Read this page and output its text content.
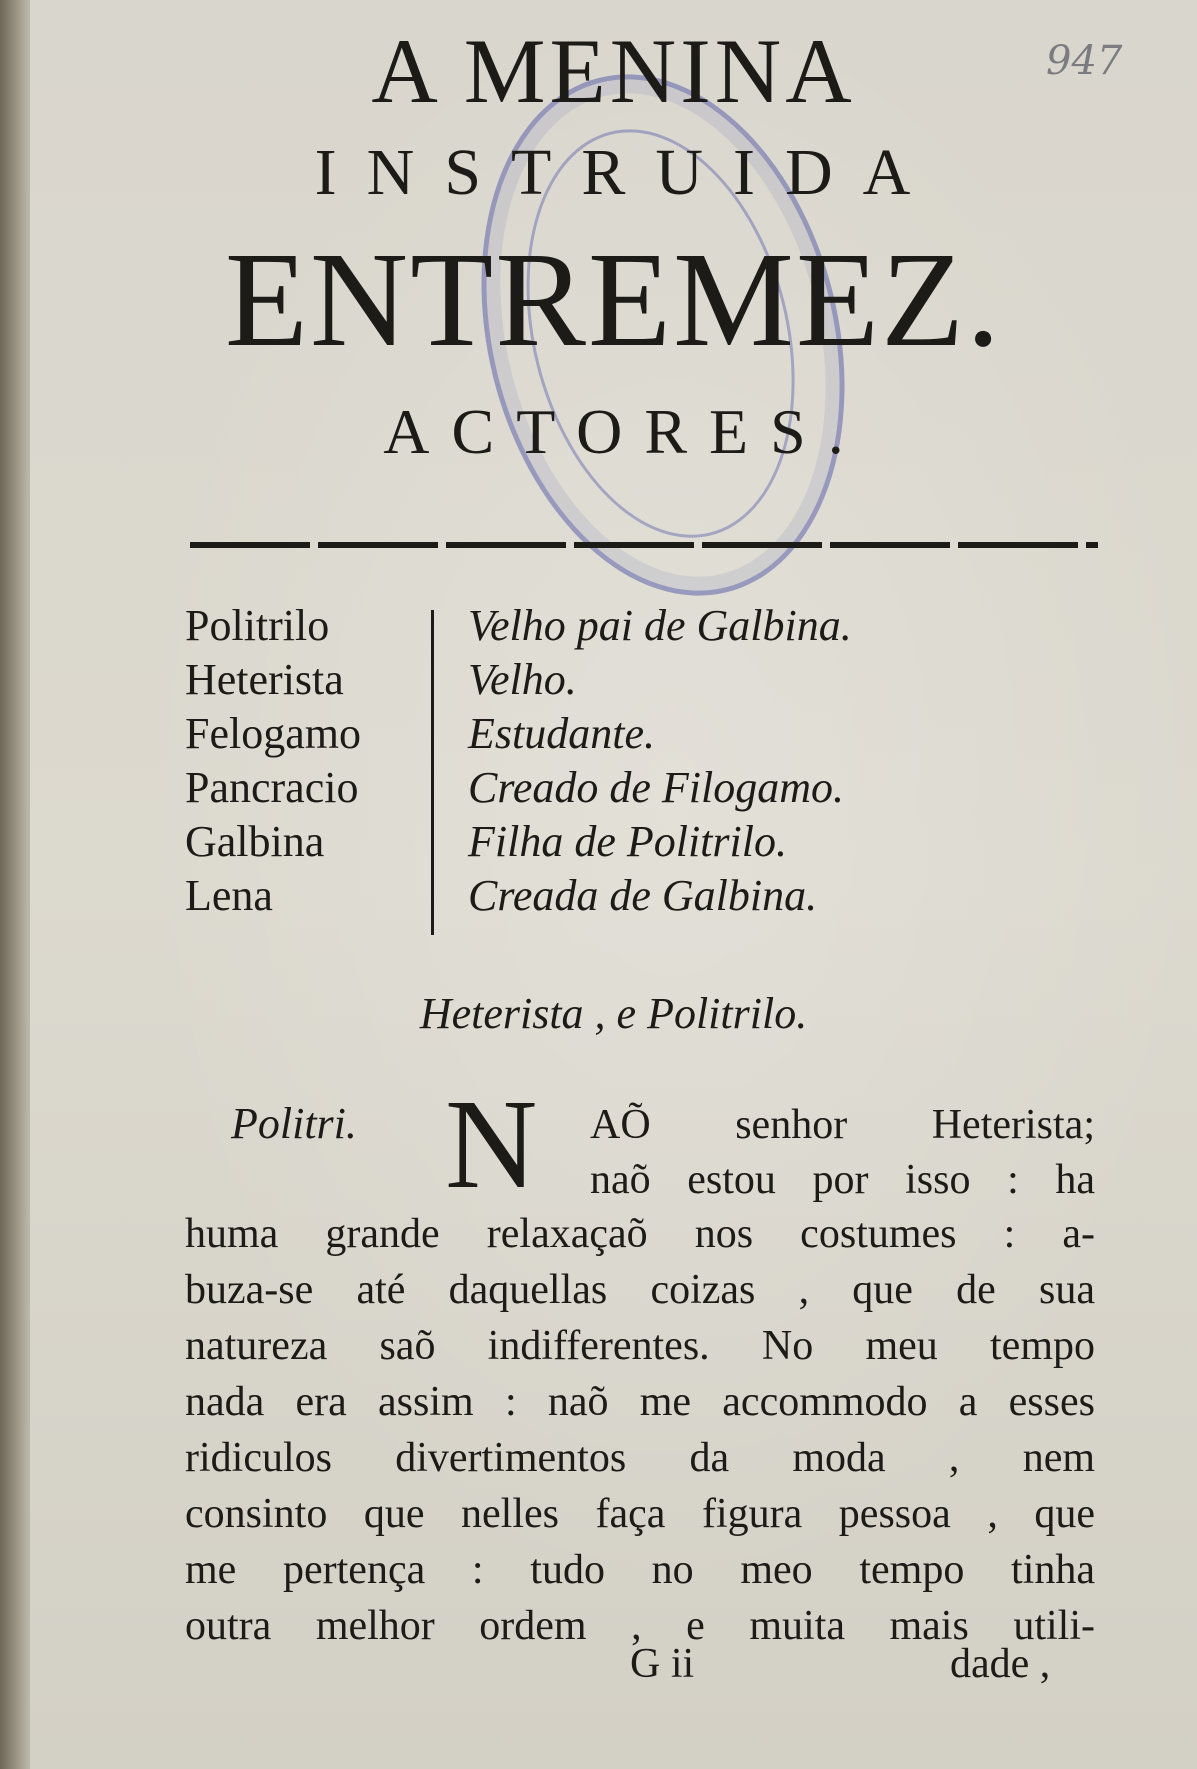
947
A MENINA
INSTRUIDA
ENTREMEZ.
ACTORES.
Politrilo	Velho pai de Galbina.
Heterista	Velho.
Felogamo Estudante.
Pancracio Creado de Filogamo.
Galbina	Filha de Politrilo.
Lena	Creada de Galbina.
Heterista , e Politrilo.
Politri. N AÕ senhor Heterista;
naõ estou por isso : ha
huma grande relaxaçaõ nos costumes : a-
buza-se até daquellas coizas , que de sua
natureza saõ indifferentes. No meu tempo
nada era assim : naõ me accommodo a esses
ridiculos divertimentos da moda , nem
consinto que nelles faça figura pessoa , que
me pertença : tudo no meo tempo tinha
outra melhor ordem , e muita mais utili-
G ii	dade ,
